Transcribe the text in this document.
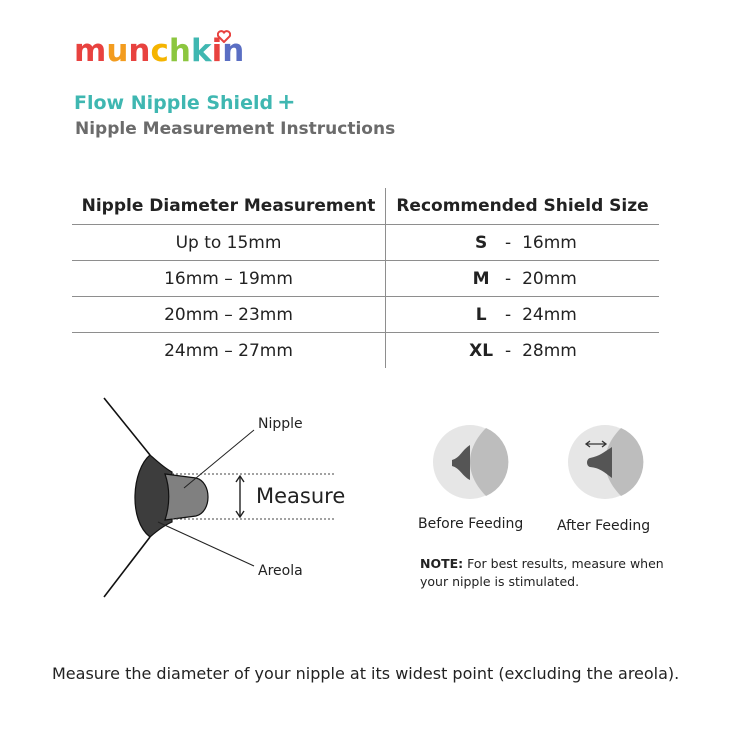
munchkin
Flow Nipple Shield +
Nipple Measurement Instructions
Nipple Diameter Measurement	Recommended Shield Size
Up to 15mm	S - 16mm
16mm – 19mm	M - 20mm
20mm – 23mm	L - 24mm
24mm – 27mm	XL - 28mm
Nipple
Areola
Measure
Before Feeding After Feeding
NOTE: For best results, measure when your nipple is stimulated.
Measure the diameter of your nipple at its widest point (excluding the areola).
